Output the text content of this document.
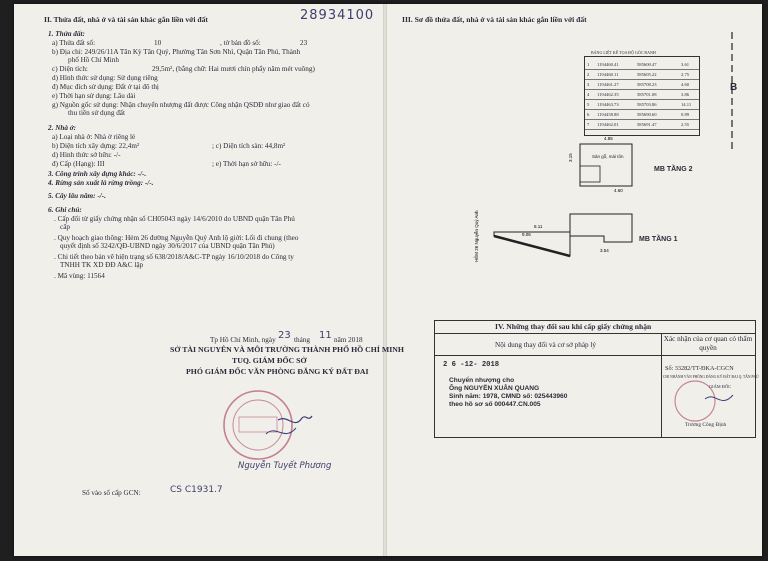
II. Thửa đất, nhà ở và tài sản khác gắn liền với đất	28934100
1. Thửa đất:
a) Thửa đất số:	10	, tờ bản đồ số:	23
b) Địa chỉ: 249/26/11A Tân Kỳ Tân Quý, Phường Tân Sơn Nhì, Quận Tân Phú, Thành
phố Hồ Chí Minh
c) Diện tích:	29,5m², (bằng chữ: Hai mươi chín phẩy năm mét vuông)
d) Hình thức sử dụng: Sử dụng riêng
đ) Mục đích sử dụng: Đất ở tại đô thị
e) Thời hạn sử dụng: Lâu dài
g) Nguồn gốc sử dụng: Nhận chuyển nhượng đất được Công nhận QSDĐ như giao đất có
thu tiền sử dụng đất
2. Nhà ở:
a) Loại nhà ở: Nhà ở riêng lẻ
b) Diện tích xây dựng: 22,4m²	; c) Diện tích sàn: 44,8m²
d) Hình thức sở hữu: -/-
đ) Cấp (Hạng): III	; e) Thời hạn sở hữu: -/-
3. Công trình xây dựng khác: -/-.
4. Rừng sản xuất là rừng trồng: -/-.
5. Cây lâu năm: -/-.
6. Ghi chú:
. Cấp đổi từ giấy chứng nhận số CH05043 ngày 14/6/2010 do UBND quận Tân Phú
cấp
. Quy hoạch giao thông: Hẻm 26 đường Nguyễn Quý Anh lộ giới: Lối đi chung (theo
quyết định số 3242/QĐ-UBND ngày 30/6/2017 của UBND quận Tân Phú)
. Chi tiết theo bản vẽ hiện trạng số 638/2018/A&C-TP ngày 16/10/2018 do Công ty
TNHH TK XD ĐĐ A&C lập
. Mã vùng: 11564
Tp Hồ Chí Minh, ngày 23 tháng 11 năm 2018
SỞ TÀI NGUYÊN VÀ MÔI TRƯỜNG THÀNH PHỐ HỒ CHÍ MINH
TUQ. GIÁM ĐỐC SỞ
PHÓ GIÁM ĐỐC VĂN PHÒNG ĐĂNG KÝ ĐẤT ĐAI
Nguyễn Tuyết Phương
Số vào sổ cấp GCN:	CS C1931.7
III. Sơ đồ thửa đất, nhà ở và tài sản khác gắn liền với đất
BẢNG LIỆT KÊ TỌA ĐỘ GÓC RANH
1 1194460.41	585600.47	3.61
2 1194460.11	585605.22	2.75
3 1194461.27	585708.23	4.60
4 1194462.35	585701.08	3.86
5 1194463.73	585703.86	14.11
6 1194458.88	585690.60	0.89
7 1194462.01	585691.47	2.55
B
Sàn gỗ, mái tôn
4.60
4.85
3.15
9.06
3.54
8.11
HẺM 26 Nguyễn Quý Anh
MB TẦNG 2
MB TẦNG 1
IV. Những thay đổi sau khi cấp giấy chứng nhận
Nội dung thay đổi và cơ sở pháp lý
Xác nhận của cơ quan có thẩm quyền
2 6 -12- 2018	Số: 33282/TT-ĐKA-CGCN
CHI NHÁNH VĂN PHÒNG ĐĂNG KÝ ĐẤT ĐAI Q. TÂN PHÚ
Chuyển nhượng cho
Ông NGUYỄN XUÂN QUANG
Sinh năm: 1978, CMND số: 025443960
theo hồ sơ số 000447.CN.005
GIÁM ĐỐC
Trương Công Định
